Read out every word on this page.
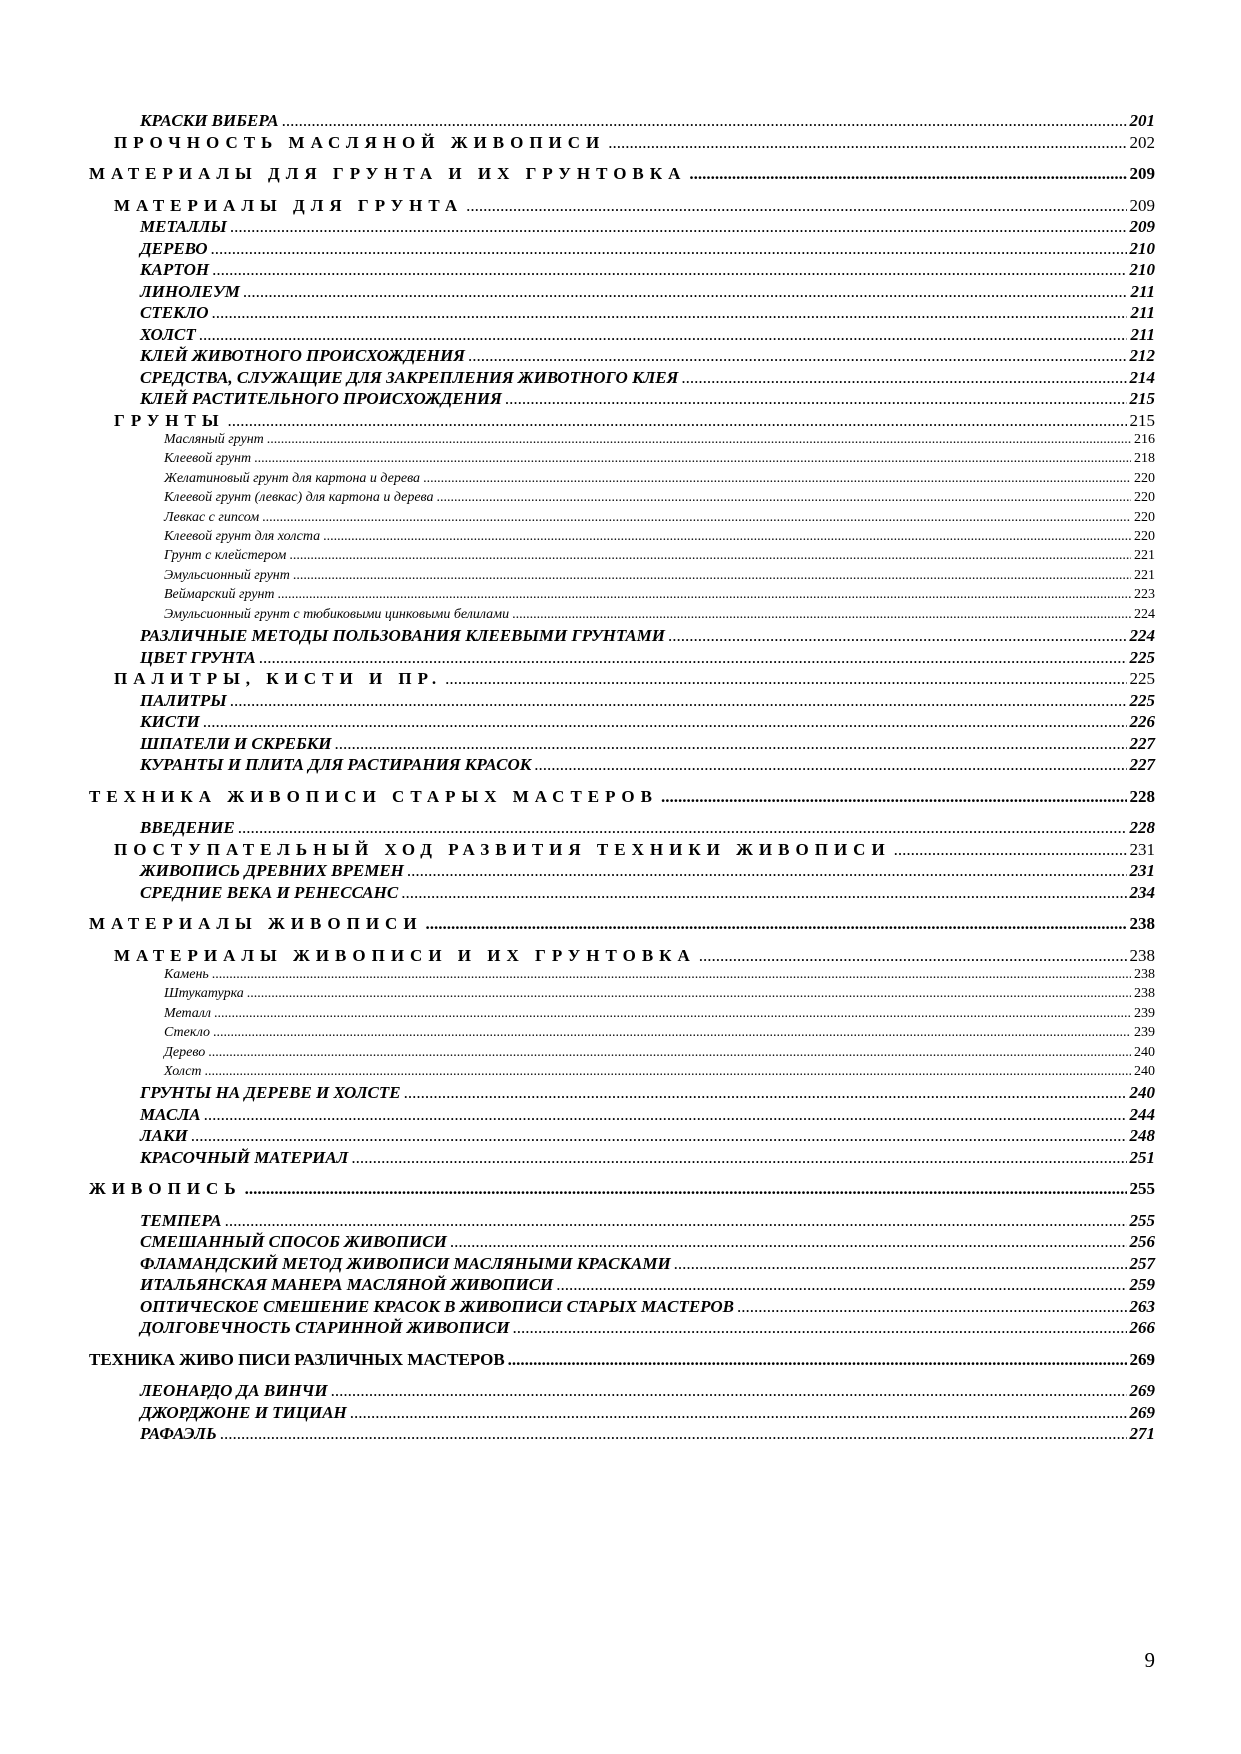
КРАСКИ ВИБЕРА .....	201
ПРОЧНОСТЬ МАСЛЯНОЙ ЖИВОПИСИ .....	202
МАТЕРИАЛЫ ДЛЯ ГРУНТА И ИХ ГРУНТОВКА .....	209
МАТЕРИАЛЫ ДЛЯ ГРУНТА .....	209
МЕТАЛЛЫ .....	209
ДЕРЕВО .....	210
КАРТОН .....	210
ЛИНОЛЕУМ .....	211
СТЕКЛО .....	211
ХОЛСТ .....	211
КЛЕЙ ЖИВОТНОГО ПРОИСХОЖДЕНИЯ .....	212
СРЕДСТВА, СЛУЖАЩИЕ ДЛЯ ЗАКРЕПЛЕНИЯ ЖИВОТНОГО КЛЕЯ .....	214
КЛЕЙ РАСТИТЕЛЬНОГО ПРОИСХОЖДЕНИЯ .....	215
ГРУНТЫ .....	215
Масляный грунт .....	216
Клеевой грунт .....	218
Желатиновый грунт для картона и дерева .....	220
Клеевой грунт (левкас) для картона и дерева .....	220
Левкас с гипсом .....	220
Клеевой грунт для холста .....	220
Грунт с клейстером .....	221
Эмульсионный грунт .....	221
Веймарский грунт .....	223
Эмульсионный грунт с тюбиковыми цинковыми белилами .....	224
РАЗЛИЧНЫЕ МЕТОДЫ ПОЛЬЗОВАНИЯ КЛЕЕВЫМИ ГРУНТАМИ .....	224
ЦВЕТ ГРУНТА .....	225
ПАЛИТРЫ, КИСТИ И ПР. .....	225
ПАЛИТРЫ .....	225
КИСТИ .....	226
ШПАТЕЛИ И СКРЕБКИ .....	227
КУРАНТЫ И ПЛИТА ДЛЯ РАСТИРАНИЯ КРАСОК .....	227
ТЕХНИКА ЖИВОПИСИ СТАРЫХ МАСТЕРОВ .....	228
ВВЕДЕНИЕ .....	228
ПОСТУПАТЕЛЬНЫЙ ХОД РАЗВИТИЯ ТЕХНИКИ ЖИВОПИСИ .....	231
ЖИВОПИСЬ ДРЕВНИХ ВРЕМЕН .....	231
СРЕДНИЕ ВЕКА И РЕНЕССАНС .....	234
МАТЕРИАЛЫ ЖИВОПИСИ .....	238
МАТЕРИАЛЫ ЖИВОПИСИ И ИХ ГРУНТОВКА .....	238
Камень .....	238
Штукатурка .....	238
Металл .....	239
Стекло .....	239
Дерево .....	240
Холст .....	240
ГРУНТЫ НА ДЕРЕВЕ И ХОЛСТЕ .....	240
МАСЛА .....	244
ЛАКИ .....	248
КРАСОЧНЫЙ МАТЕРИАЛ .....	251
ЖИВОПИСЬ .....	255
ТЕМПЕРА .....	255
СМЕШАННЫЙ СПОСОБ ЖИВОПИСИ .....	256
ФЛАМАНДСКИЙ МЕТОД ЖИВОПИСИ МАСЛЯНЫМИ КРАСКАМИ .....	257
ИТАЛЬЯНСКАЯ МАНЕРА МАСЛЯНОЙ ЖИВОПИСИ .....	259
ОПТИЧЕСКОЕ СМЕШЕНИЕ КРАСОК В ЖИВОПИСИ СТАРЫХ МАСТЕРОВ .....	263
ДОЛГОВЕЧНОСТЬ СТАРИННОЙ ЖИВОПИСИ .....	266
ТЕХНИКА ЖИВО ПИСИ РАЗЛИЧНЫХ МАСТЕРОВ .....	269
ЛЕОНАРДО ДА ВИНЧИ .....	269
ДЖОРДЖОНЕ И ТИЦИАН .....	269
РАФАЭЛЬ .....	271
9
